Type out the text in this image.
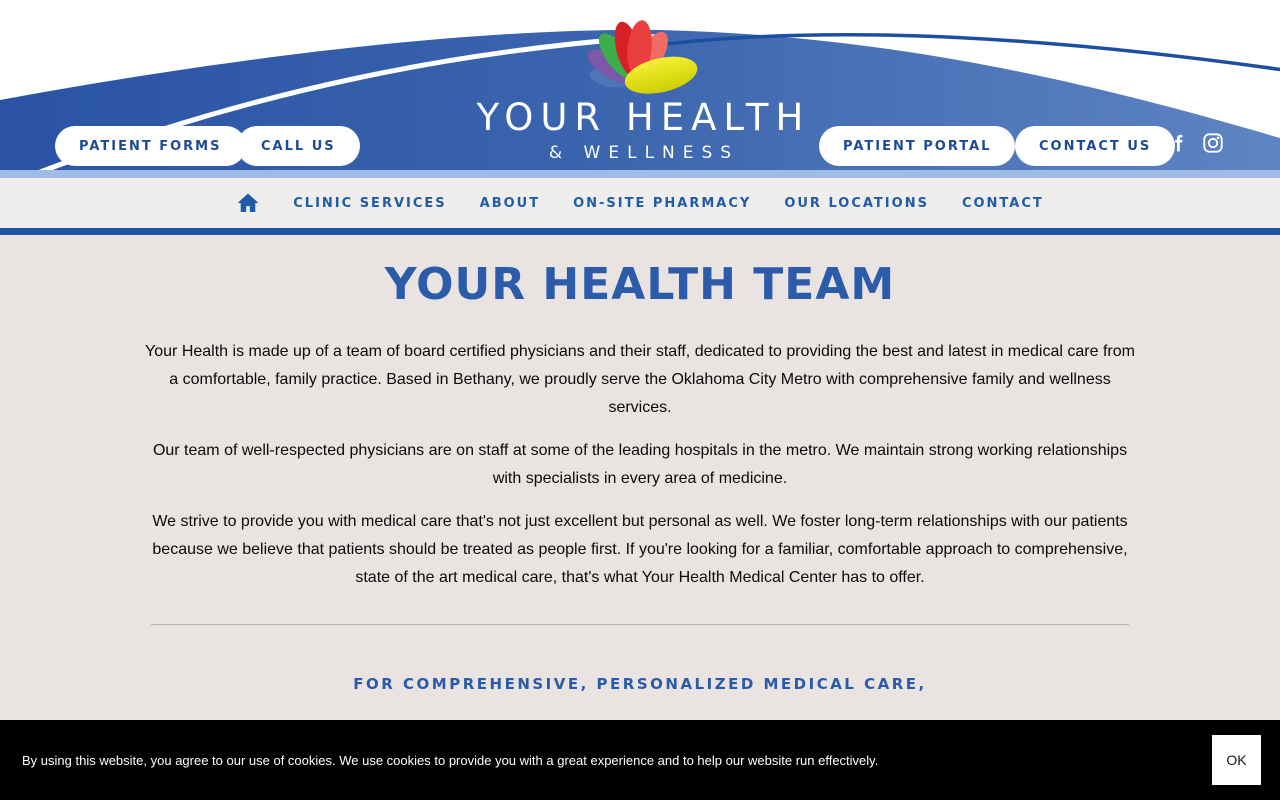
YOUR HEALTH
& WELLNESS
PATIENT FORMS	CALL US	PATIENT PORTAL	CONTACT US
CLINIC SERVICES	ABOUT	ON-SITE PHARMACY	OUR LOCATIONS	CONTACT
YOUR HEALTH TEAM

Your Health is made up of a team of board certified physicians and their staff, dedicated to providing the best and latest in medical care from a comfortable, family practice. Based in Bethany, we proudly serve the Oklahoma City Metro with comprehensive family and wellness services.

Our team of well-respected physicians are on staff at some of the leading hospitals in the metro. We maintain strong working relationships with specialists in every area of medicine.

We strive to provide you with medical care that's not just excellent but personal as well. We foster long-term relationships with our patients because we believe that patients should be treated as people first. If you're looking for a familiar, comfortable approach to comprehensive, state of the art medical care, that's what Your Health Medical Center has to offer.

FOR COMPREHENSIVE, PERSONALIZED MEDICAL CARE,
By using this website, you agree to our use of cookies. We use cookies to provide you with a great experience and to help our website run effectively.	OK
